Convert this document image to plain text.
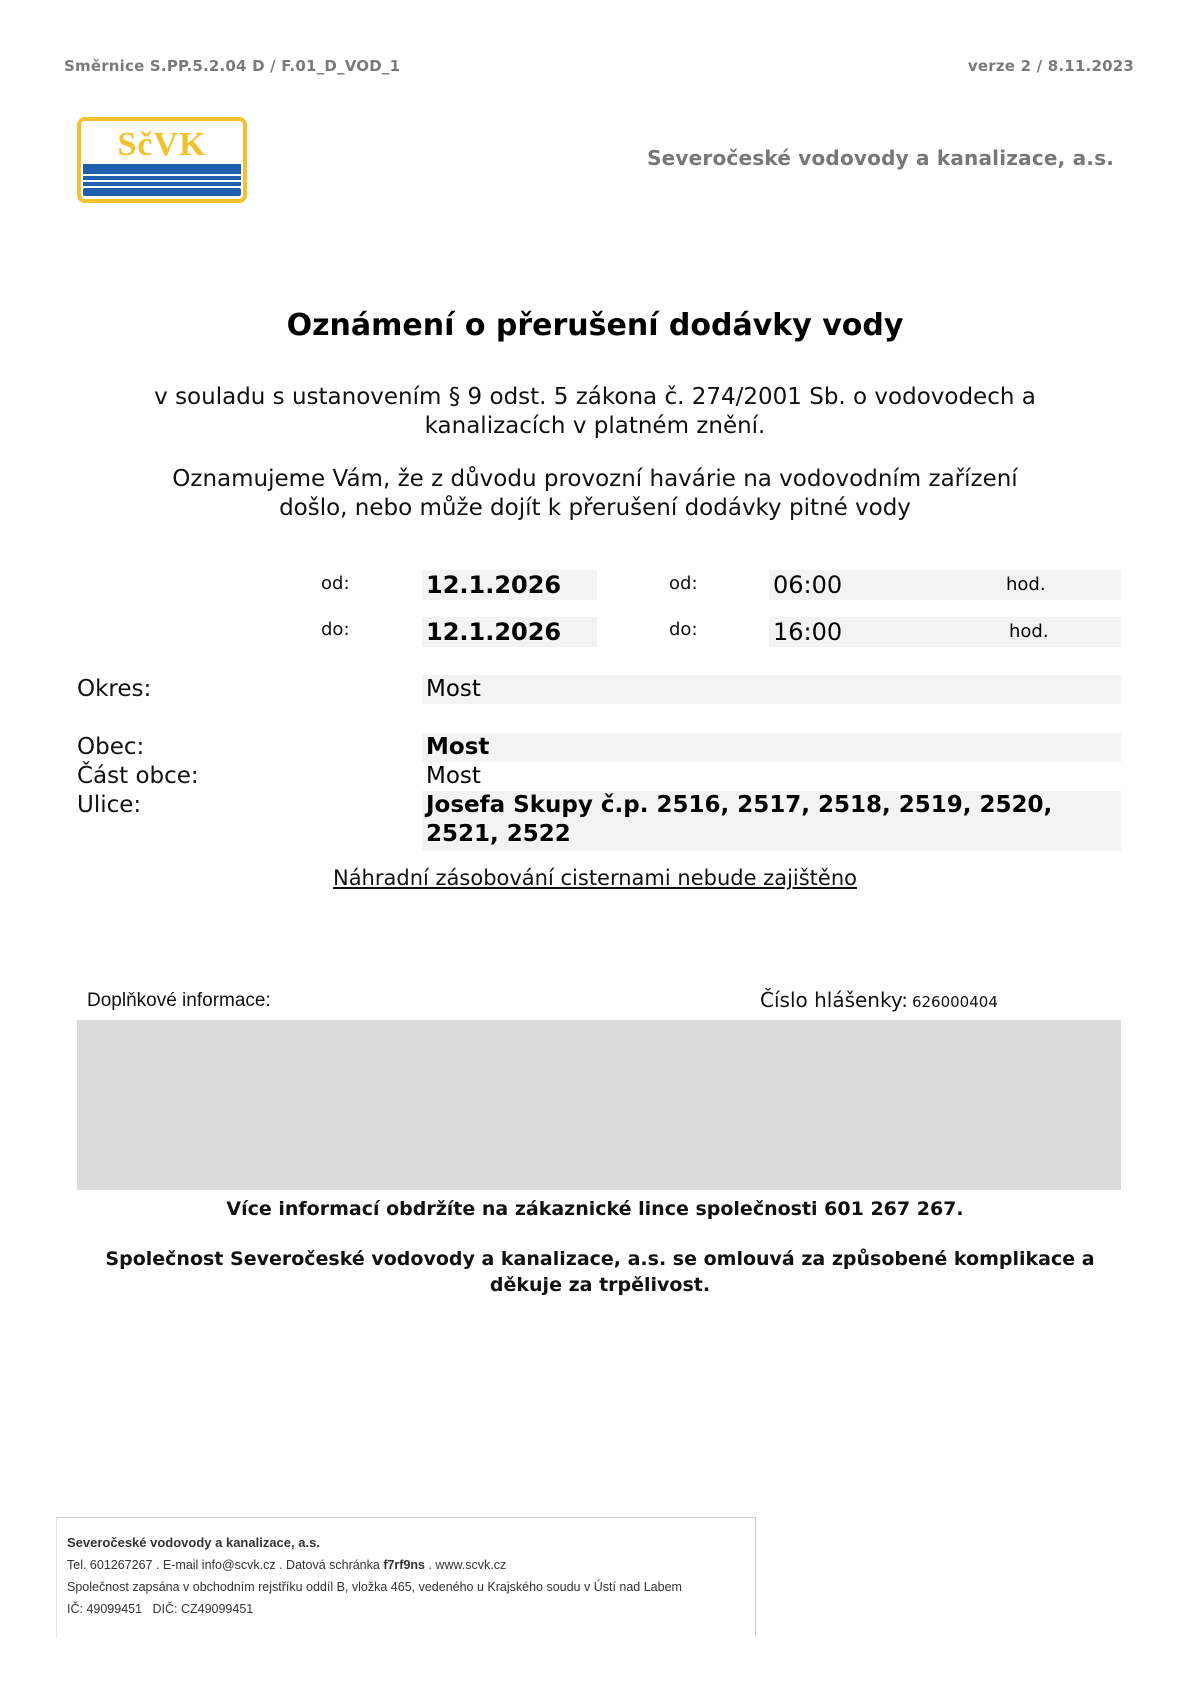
Směrnice S.PP.5.2.04 D / F.01_D_VOD_1	verze 2 / 8.11.2023
SčVK	Severočeské vodovody a kanalizace, a.s.
Oznámení o přerušení dodávky vody
v souladu s ustanovením § 9 odst. 5 zákona č. 274/2001 Sb. o vodovodech a
kanalizacích v platném znění.
Oznamujeme Vám, že z důvodu provozní havárie na vodovodním zařízení
došlo, nebo může dojít k přerušení dodávky pitné vody
od:	12.1.2026	od:	06:00	hod.
do:	12.1.2026	do:	16:00	hod.
Okres:	Most
Obec:	Most
Část obce:	Most
Ulice:	Josefa Skupy č.p. 2516, 2517, 2518, 2519, 2520,
2521, 2522
Náhradní zásobování cisternami nebude zajištěno
Doplňkové informace:	Číslo hlášenky: 626000404
Více informací obdržíte na zákaznické lince společnosti 601 267 267.
Společnost Severočeské vodovody a kanalizace, a.s. se omlouvá za způsobené komplikace a
děkuje za trpělivost.
Severočeské vodovody a kanalizace, a.s.
Tel. 601267267 . E-mail info@scvk.cz . Datová schránka f7rf9ns . www.scvk.cz
Společnost zapsána v obchodním rejstříku oddíl B, vložka 465, vedeného u Krajského soudu v Ústí nad Labem
IČ: 49099451   DIČ: CZ49099451
